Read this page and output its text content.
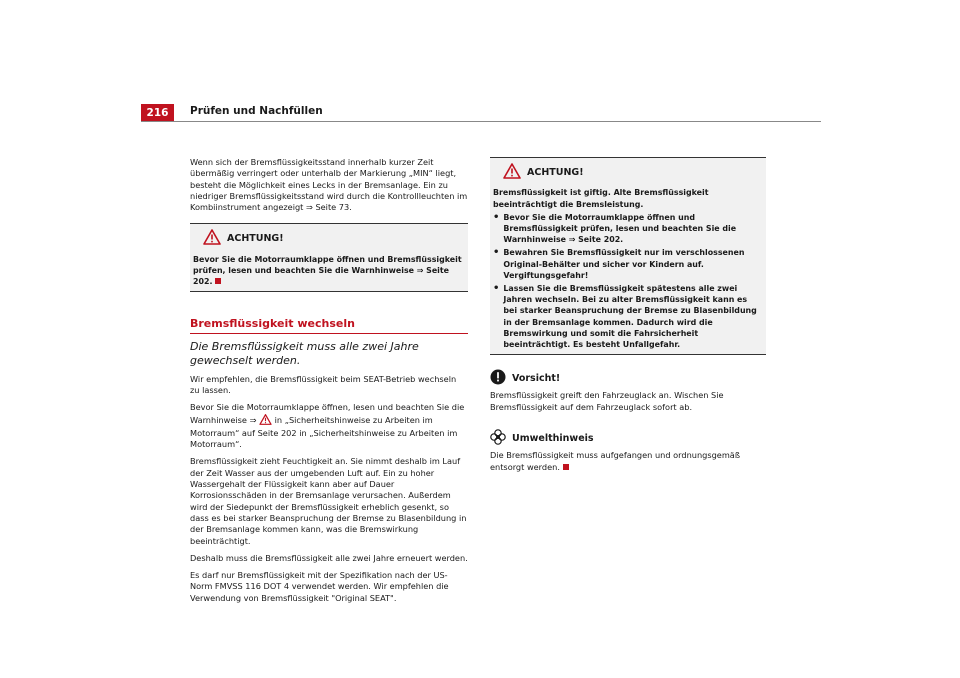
216	Prüfen und Nachfüllen

Wenn sich der Bremsflüssigkeitsstand innerhalb kurzer Zeit übermäßig verringert oder unterhalb der Markierung „MIN“ liegt, besteht die Möglichkeit eines Lecks in der Bremsanlage. Ein zu niedriger Bremsflüssigkeitsstand wird durch die Kontrollleuchten im Kombiinstrument angezeigt ⇒ Seite 73.

ACHTUNG!
Bevor Sie die Motorraumklappe öffnen und Bremsflüssigkeit prüfen, lesen und beachten Sie die Warnhinweise ⇒ Seite 202.
Bremsflüssigkeit wechseln
Die Bremsflüssigkeit muss alle zwei Jahre gewechselt werden.

Wir empfehlen, die Bremsflüssigkeit beim SEAT-Betrieb wechseln zu lassen.

Bevor Sie die Motorraumklappe öffnen, lesen und beachten Sie die Warnhinweise ⇒ in „Sicherheitshinweise zu Arbeiten im Motorraum“ auf Seite 202 in „Sicherheitshinweise zu Arbeiten im Motorraum“.

Bremsflüssigkeit zieht Feuchtigkeit an. Sie nimmt deshalb im Lauf der Zeit Wasser aus der umgebenden Luft auf. Ein zu hoher Wassergehalt der Flüssigkeit kann aber auf Dauer Korrosionsschäden in der Bremsanlage verursachen. Außerdem wird der Siedepunkt der Bremsflüssigkeit erheblich gesenkt, so dass es bei starker Beanspruchung der Bremse zu Blasenbildung in der Bremsanlage kommen kann, was die Bremswirkung beeinträchtigt.

Deshalb muss die Bremsflüssigkeit alle zwei Jahre erneuert werden.

Es darf nur Bremsflüssigkeit mit der Spezifikation nach der US-Norm FMVSS 116 DOT 4 verwendet werden. Wir empfehlen die Verwendung von Bremsflüssigkeit "Original SEAT".

ACHTUNG!
Bremsflüssigkeit ist giftig. Alte Bremsflüssigkeit beeinträchtigt die Bremsleistung.
• Bevor Sie die Motorraumklappe öffnen und Bremsflüssigkeit prüfen, lesen und beachten Sie die Warnhinweise ⇒ Seite 202.
• Bewahren Sie Bremsflüssigkeit nur im verschlossenen Original-Behälter und sicher vor Kindern auf. Vergiftungsgefahr!
• Lassen Sie die Bremsflüssigkeit spätestens alle zwei Jahren wechseln. Bei zu alter Bremsflüssigkeit kann es bei starker Beanspruchung der Bremse zu Blasenbildung in der Bremsanlage kommen. Dadurch wird die Bremswirkung und somit die Fahrsicherheit beeinträchtigt. Es besteht Unfallgefahr.
Vorsicht!

Bremsflüssigkeit greift den Fahrzeuglack an. Wischen Sie Bremsflüssigkeit auf dem Fahrzeuglack sofort ab.

Umwelthinweis

Die Bremsflüssigkeit muss aufgefangen und ordnungsgemäß entsorgt werden.
